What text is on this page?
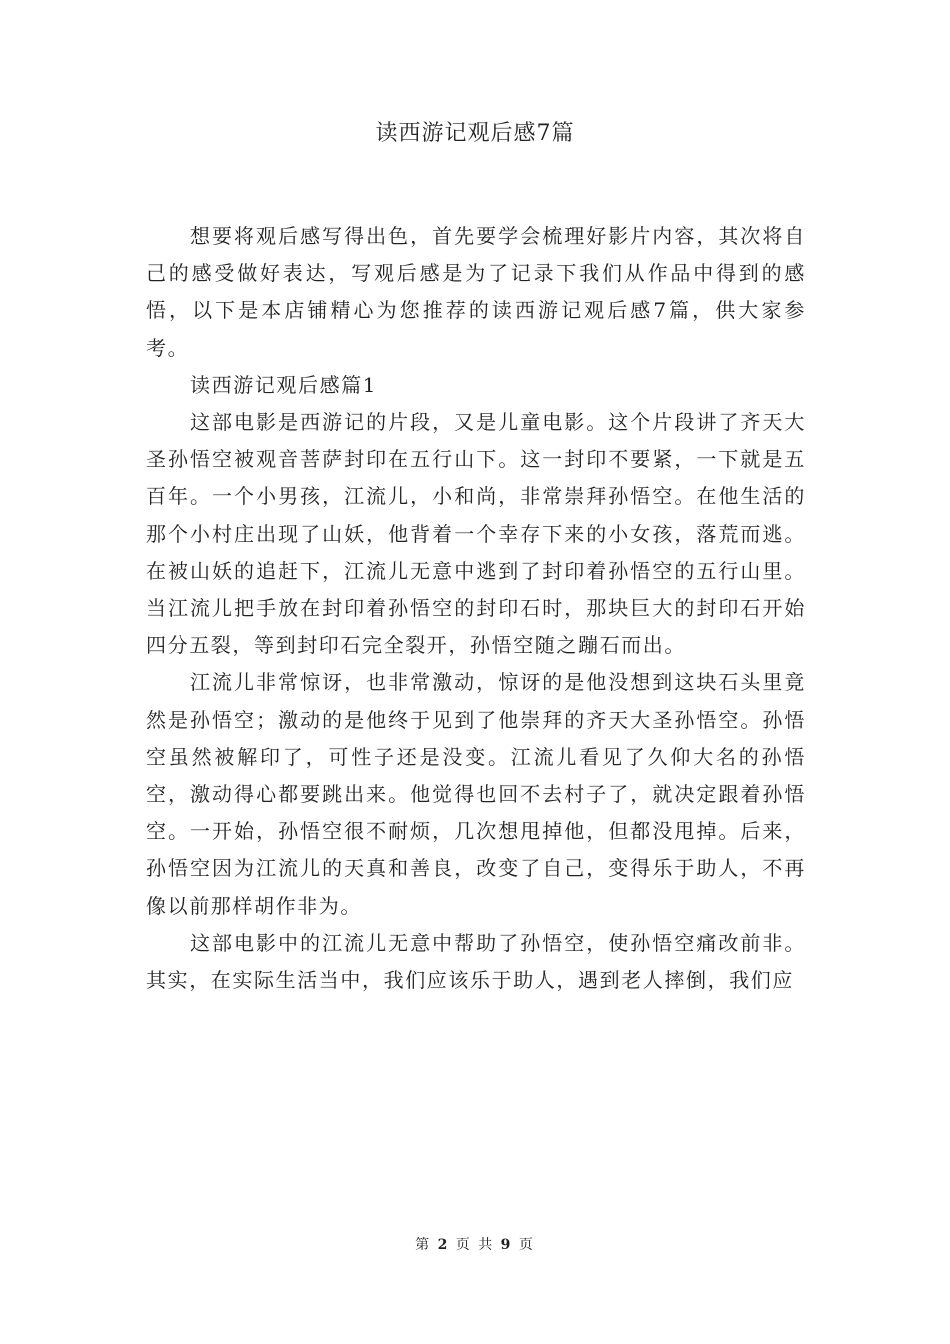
读西游记观后感7篇

想要将观后感写得出色，首先要学会梳理好影片内容，其次将自己的感受做好表达，写观后感是为了记录下我们从作品中得到的感悟，以下是本店铺精心为您推荐的读西游记观后感7篇，供大家参考。

读西游记观后感篇1

这部电影是西游记的片段，又是儿童电影。这个片段讲了齐天大圣孙悟空被观音菩萨封印在五行山下。这一封印不要紧，一下就是五百年。一个小男孩，江流儿，小和尚，非常崇拜孙悟空。在他生活的那个小村庄出现了山妖，他背着一个幸存下来的小女孩，落荒而逃。在被山妖的追赶下，江流儿无意中逃到了封印着孙悟空的五行山里。当江流儿把手放在封印着孙悟空的封印石时，那块巨大的封印石开始四分五裂，等到封印石完全裂开，孙悟空随之蹦石而出。

江流儿非常惊讶，也非常激动，惊讶的是他没想到这块石头里竟然是孙悟空；激动的是他终于见到了他崇拜的齐天大圣孙悟空。孙悟空虽然被解印了，可性子还是没变。江流儿看见了久仰大名的孙悟空，激动得心都要跳出来。他觉得也回不去村子了，就决定跟着孙悟空。一开始，孙悟空很不耐烦，几次想甩掉他，但都没甩掉。后来，孙悟空因为江流儿的天真和善良，改变了自己，变得乐于助人，不再像以前那样胡作非为。

这部电影中的江流儿无意中帮助了孙悟空，使孙悟空痛改前非。其实，在实际生活当中，我们应该乐于助人，遇到老人摔倒，我们应

第 2 页 共 9 页
